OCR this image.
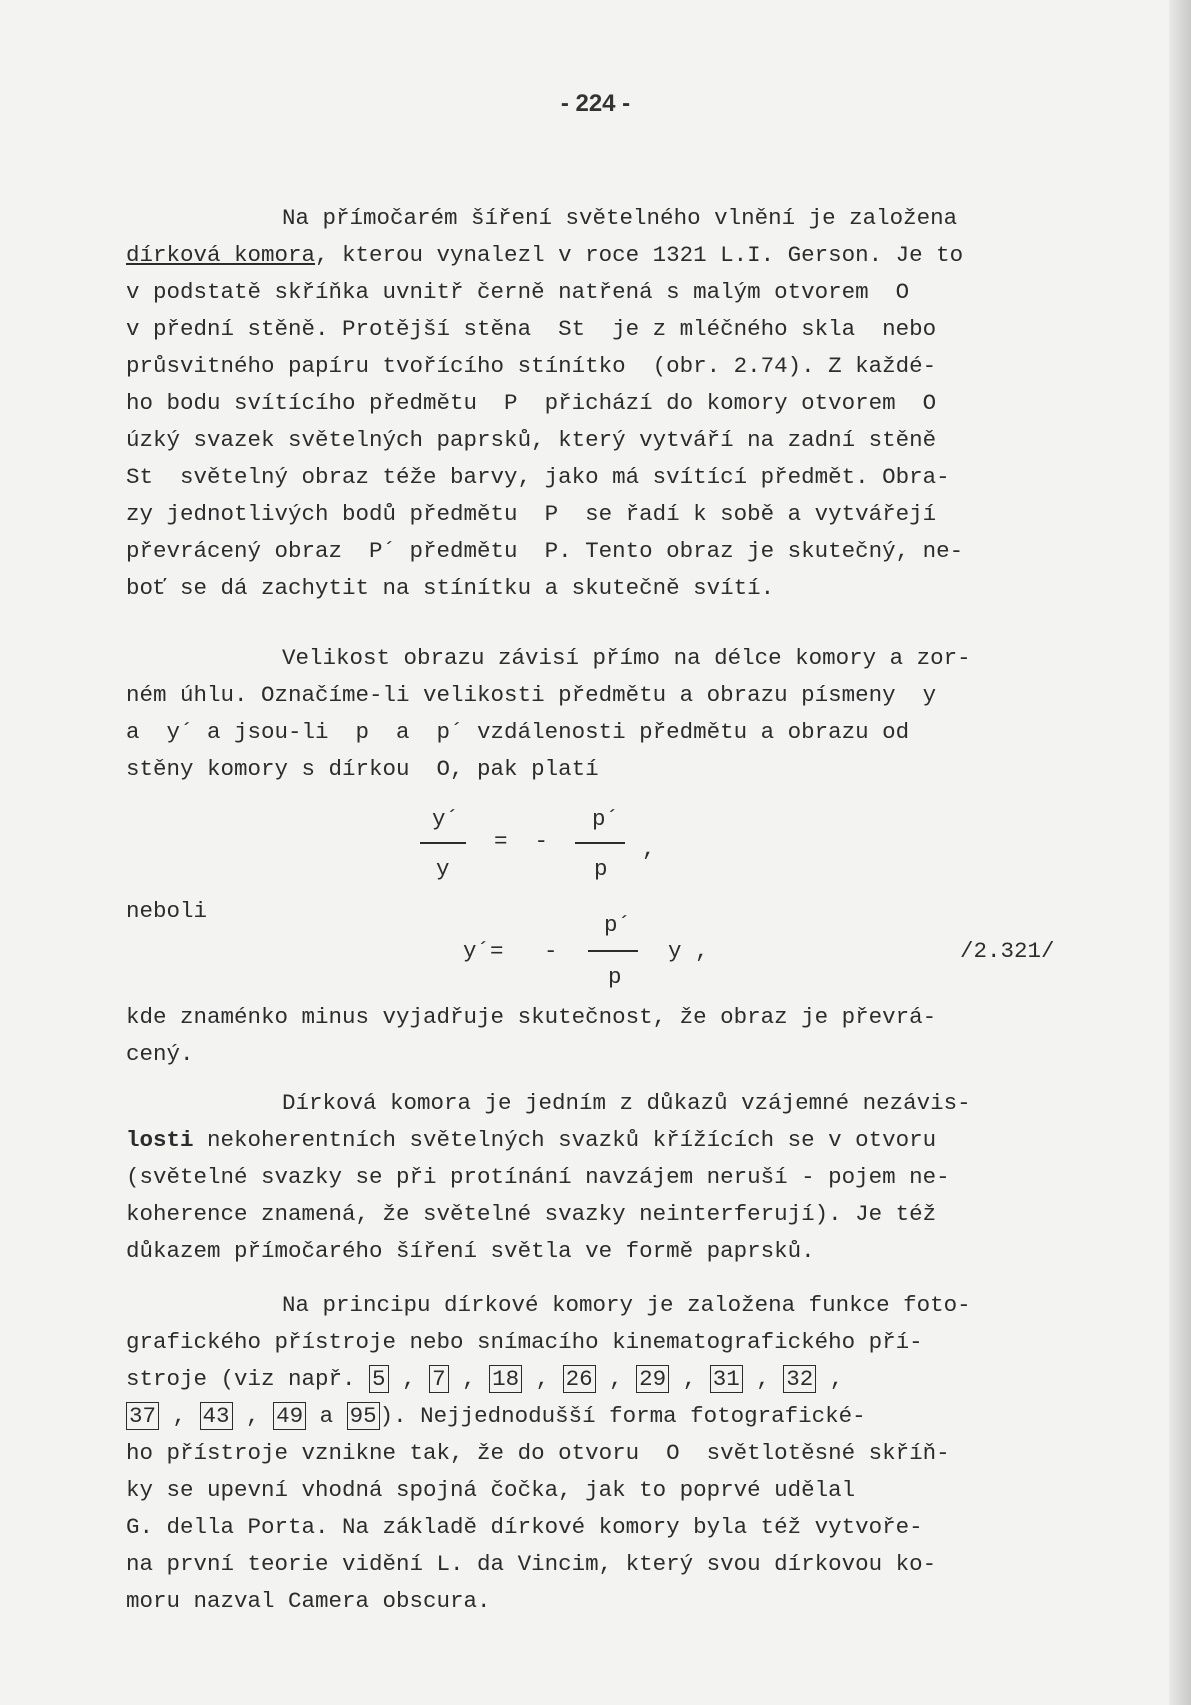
- 224 -
Na přímočarém šíření světelného vlnění je založena
dírková komora, kterou vynalezl v roce 1321 L.I. Gerson. Je to
v podstatě skříňka uvnitř černě natřená s malým otvorem  O
v přední stěně. Protější stěna  St  je z mléčného skla  nebo
průsvitného papíru tvořícího stínítko  (obr. 2.74). Z každé-
ho bodu svítícího předmětu  P  přichází do komory otvorem  O
úzký svazek světelných paprsků, který vytváří na zadní stěně
St  světelný obraz téže barvy, jako má svítící předmět. Obra-
zy jednotlivých bodů předmětu  P  se řadí k sobě a vytvářejí
převrácený obraz  P´ předmětu  P. Tento obraz je skutečný, ne-
boť se dá zachytit na stínítku a skutečně svítí.
Velikost obrazu závisí přímo na délce komory a zor-
ném úhlu. Označíme-li velikosti předmětu a obrazu písmeny  y
a  y´ a jsou-li  p  a  p´ vzdálenosti předmětu a obrazu od
stěny komory s dírkou  O, pak platí
y´
y
=  -
p´
p
,
neboli
y´=   -
p´
p
y ,	/2.321/
kde znaménko minus vyjadřuje skutečnost, že obraz je převrá-
cený.
Dírková komora je jedním z důkazů vzájemné nezávis-
losti nekoherentních světelných svazků křížících se v otvoru
(světelné svazky se při protínání navzájem neruší - pojem ne-
koherence znamená, že světelné svazky neinterferují). Je též
důkazem přímočarého šíření světla ve formě paprsků.
Na principu dírkové komory je založena funkce foto-
grafického přístroje nebo snímacího kinematografického pří-
stroje (viz např. 5 , 7 , 18 , 26 , 29 , 31 , 32 ,
37 , 43 , 49 a 95 ). Nejjednodušší forma fotografické-
ho přístroje vznikne tak, že do otvoru  O  světlotěsné skříň-
ky se upevní vhodná spojná čočka, jak to poprvé udělal
G. della Porta. Na základě dírkové komory byla též vytvoře-
na první teorie vidění L. da Vincim, který svou dírkovou ko-
moru nazval Camera obscura.
